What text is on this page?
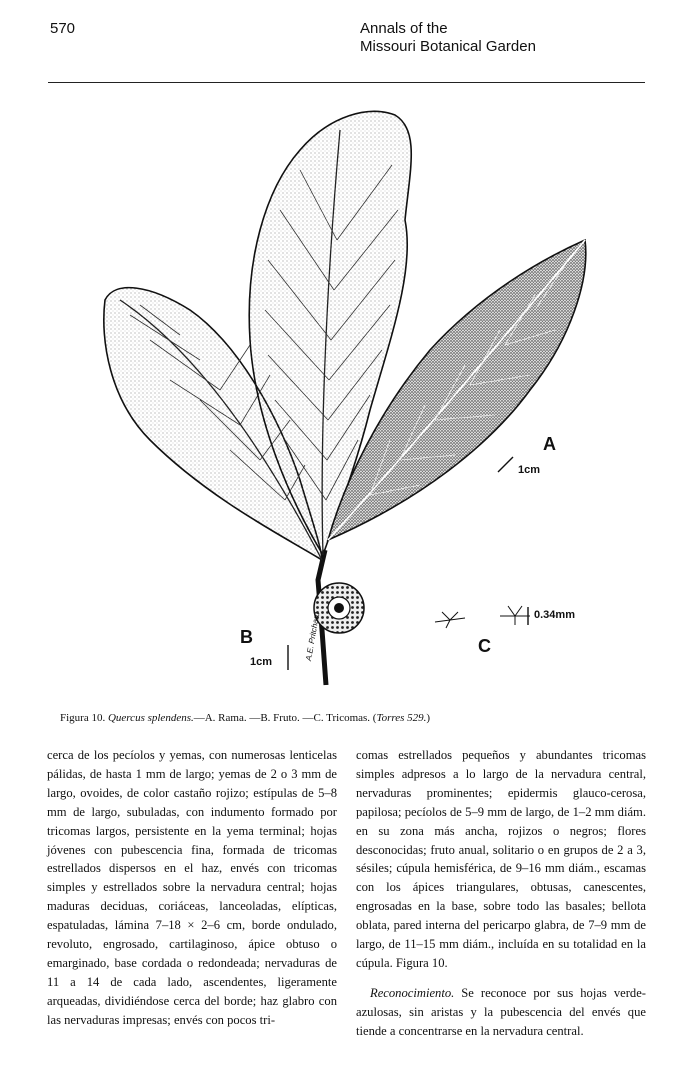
570	Annals of the
Missouri Botanical Garden
A
1cm
B
1cm
C
0.34mm
A.E. Pritchard
Figura 10. Quercus splendens.—A. Rama. —B. Fruto. —C. Tricomas. (Torres 529.)

cerca de los pecíolos y yemas, con numerosas lenticelas pálidas, de hasta 1 mm de largo; yemas de 2 o 3 mm de largo, ovoides, de color castaño rojizo; estípulas de 5–8 mm de largo, subuladas, con indumento formado por tricomas largos, persistente en la yema terminal; hojas jóvenes con pubescencia fina, formada de tricomas estrellados dispersos en el haz, envés con tricomas simples y estrellados sobre la nervadura central; hojas maduras deciduas, coriáceas, lanceoladas, elípticas, espatuladas, lámina 7–18 × 2–6 cm, borde ondulado, revoluto, engrosado, cartilaginoso, ápice obtuso o emarginado, base cordada o redondeada; nervaduras de 11 a 14 de cada lado, ascendentes, ligeramente arqueadas, dividiéndose cerca del borde; haz glabro con las nervaduras impresas; envés con pocos tri-

comas estrellados pequeños y abundantes tricomas simples adpresos a lo largo de la nervadura central, nervaduras prominentes; epidermis glauco-cerosa, papilosa; pecíolos de 5–9 mm de largo, de 1–2 mm diám. en su zona más ancha, rojizos o negros; flores desconocidas; fruto anual, solitario o en grupos de 2 a 3, sésiles; cúpula hemisférica, de 9–16 mm diám., escamas con los ápices triangulares, obtusas, canescentes, engrosadas en la base, sobre todo las basales; bellota oblata, pared interna del pericarpo glabra, de 7–9 mm de largo, de 11–15 mm diám., incluída en su totalidad en la cúpula. Figura 10.

Reconocimiento. Se reconoce por sus hojas verde-azulosas, sin aristas y la pubescencia del envés que tiende a concentrarse en la nervadura central.
